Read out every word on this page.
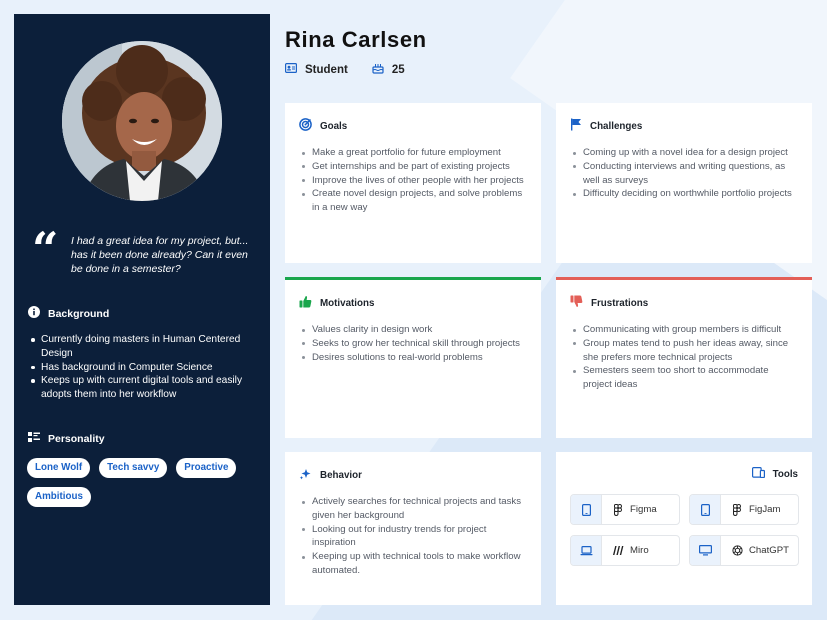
“ I had a great idea for my project, but... has it been done already? Can it even be done in a semester?
Background
Currently doing masters in Human Centered Design
Has background in Computer Science
Keeps up with current digital tools and easily adopts them into her workflow
Personality
Lone Wolf	Tech savvy	Proactive
Ambitious
Rina Carlsen
Student	25
Goals
Make a great portfolio for future employment
Get internships and be part of existing projects
Improve the lives of other people with her projects
Create novel design projects, and solve problems in a new way
Challenges
Coming up with a novel idea for a design project
Conducting interviews and writing questions, as well as surveys
Difficulty deciding on worthwhile portfolio projects
Motivations
Values clarity in design work
Seeks to grow her technical skill through projects
Desires solutions to real-world problems
Frustrations
Communicating with group members is difficult
Group mates tend to push her ideas away, since she prefers more technical projects
Semesters seem too short to accommodate project ideas
Behavior
Actively searches for technical projects and tasks given her background
Looking out for industry trends for project inspiration
Keeping up with technical tools to make workflow automated.
Tools
Figma	FigJam
Miro	ChatGPT
